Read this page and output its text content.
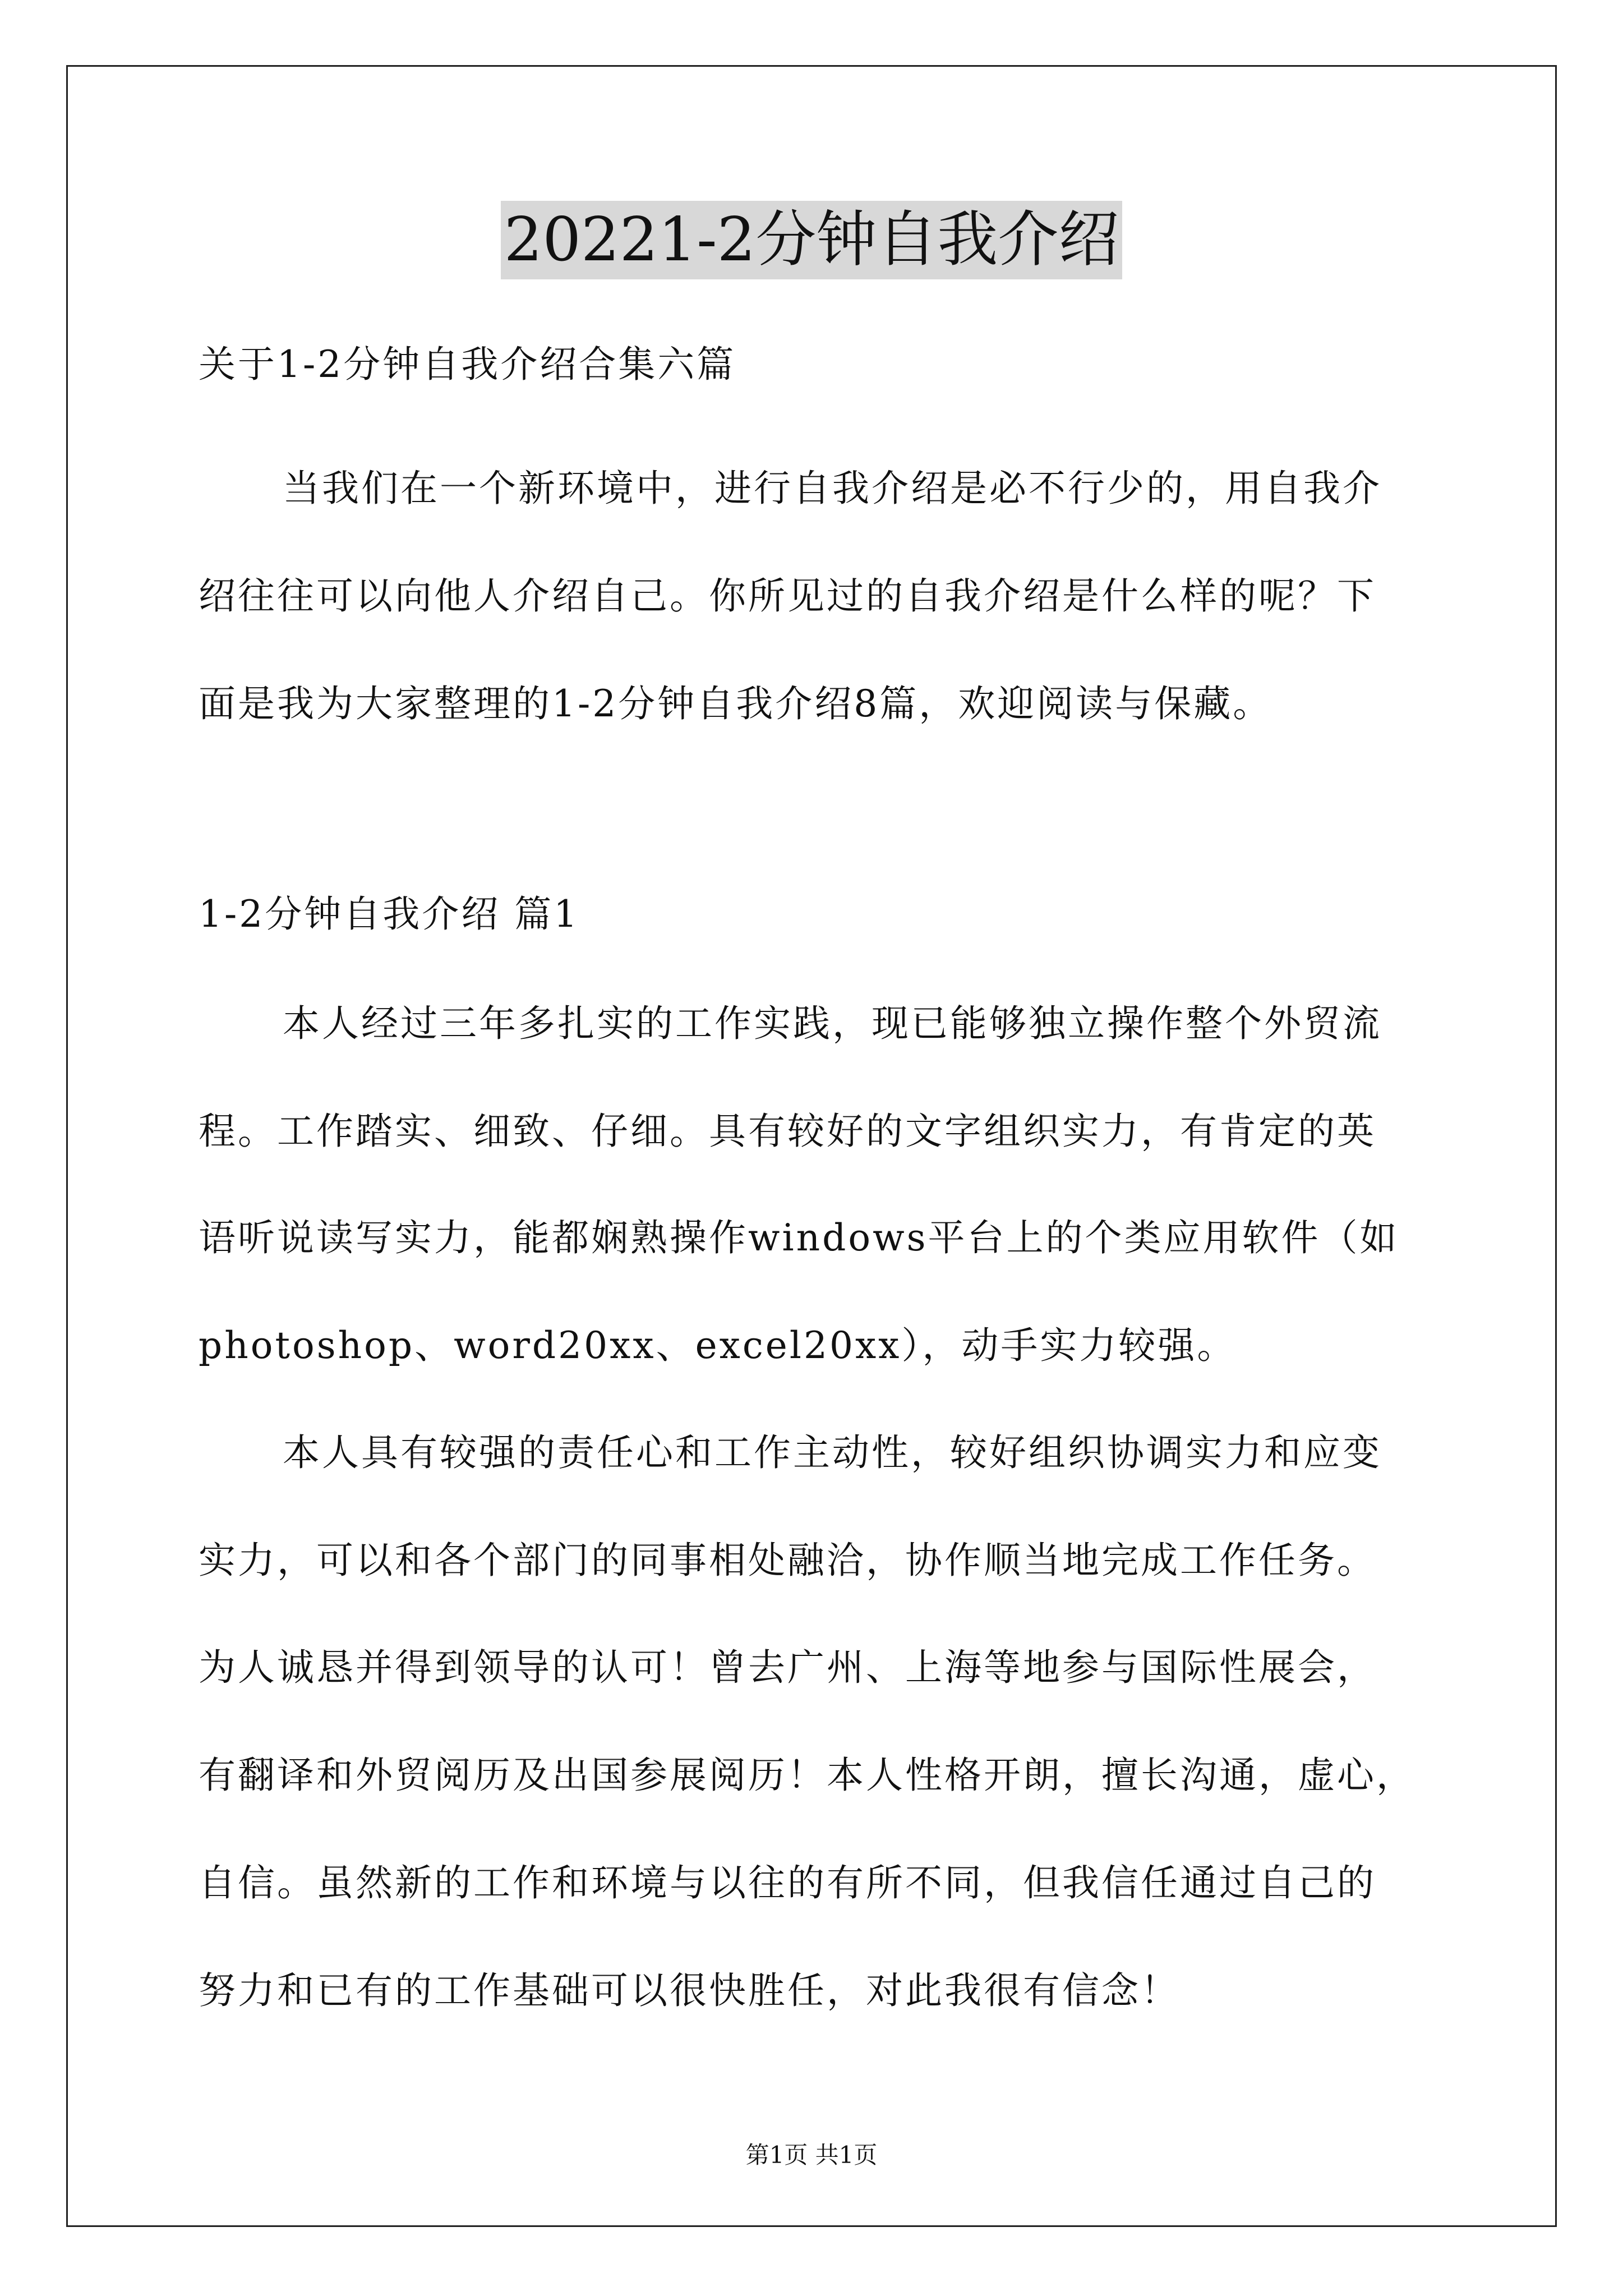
20221-2分钟自我介绍
关于1-2分钟自我介绍合集六篇
当我们在一个新环境中，进行自我介绍是必不行少的，用自我介
绍往往可以向他人介绍自己。你所见过的自我介绍是什么样的呢？下
面是我为大家整理的1-2分钟自我介绍8篇，欢迎阅读与保藏。
1-2分钟自我介绍 篇1
本人经过三年多扎实的工作实践，现已能够独立操作整个外贸流
程。工作踏实、细致、仔细。具有较好的文字组织实力，有肯定的英
语听说读写实力，能都娴熟操作windows平台上的个类应用软件（如
photoshop、word20xx、excel20xx），动手实力较强。
本人具有较强的责任心和工作主动性，较好组织协调实力和应变
实力，可以和各个部门的同事相处融洽，协作顺当地完成工作任务。
为人诚恳并得到领导的认可！曾去广州、上海等地参与国际性展会，
有翻译和外贸阅历及出国参展阅历！本人性格开朗，擅长沟通，虚心，
自信。虽然新的工作和环境与以往的有所不同，但我信任通过自己的
努力和已有的工作基础可以很快胜任，对此我很有信念！
第1页 共1页
